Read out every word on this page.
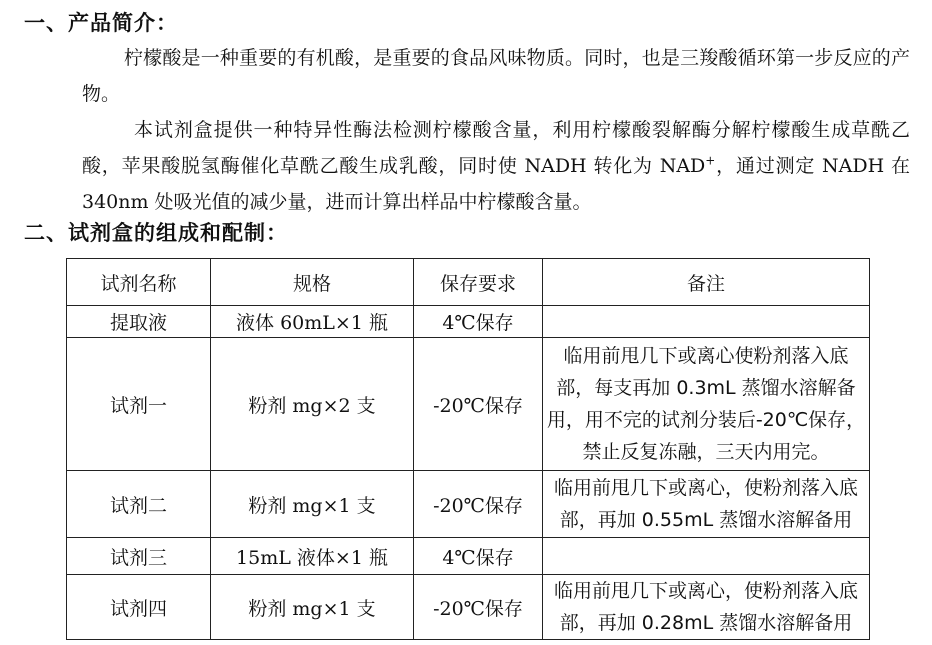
一、产品简介：
柠檬酸是一种重要的有机酸，是重要的食品风味物质。同时，也是三羧酸循环第一步反应的产物。
本试剂盒提供一种特异性酶法检测柠檬酸含量，利用柠檬酸裂解酶分解柠檬酸生成草酰乙酸，苹果酸脱氢酶催化草酰乙酸生成乳酸，同时使 NADH 转化为 NAD+，通过测定 NADH 在 340nm 处吸光值的减少量，进而计算出样品中柠檬酸含量。
二、试剂盒的组成和配制：
试剂名称	规格	保存要求	备注
提取液	液体 60mL×1 瓶	4℃保存	
试剂一	粉剂 mg×2 支	-20℃保存	临用前甩几下或离心使粉剂落入底部，每支再加 0.3mL 蒸馏水溶解备用，用不完的试剂分装后-20℃保存，禁止反复冻融，三天内用完。
试剂二	粉剂 mg×1 支	-20℃保存	临用前甩几下或离心，使粉剂落入底部，再加 0.55mL 蒸馏水溶解备用
试剂三	15mL 液体×1 瓶	4℃保存	
试剂四	粉剂 mg×1 支	-20℃保存	临用前甩几下或离心，使粉剂落入底部，再加 0.28mL 蒸馏水溶解备用
